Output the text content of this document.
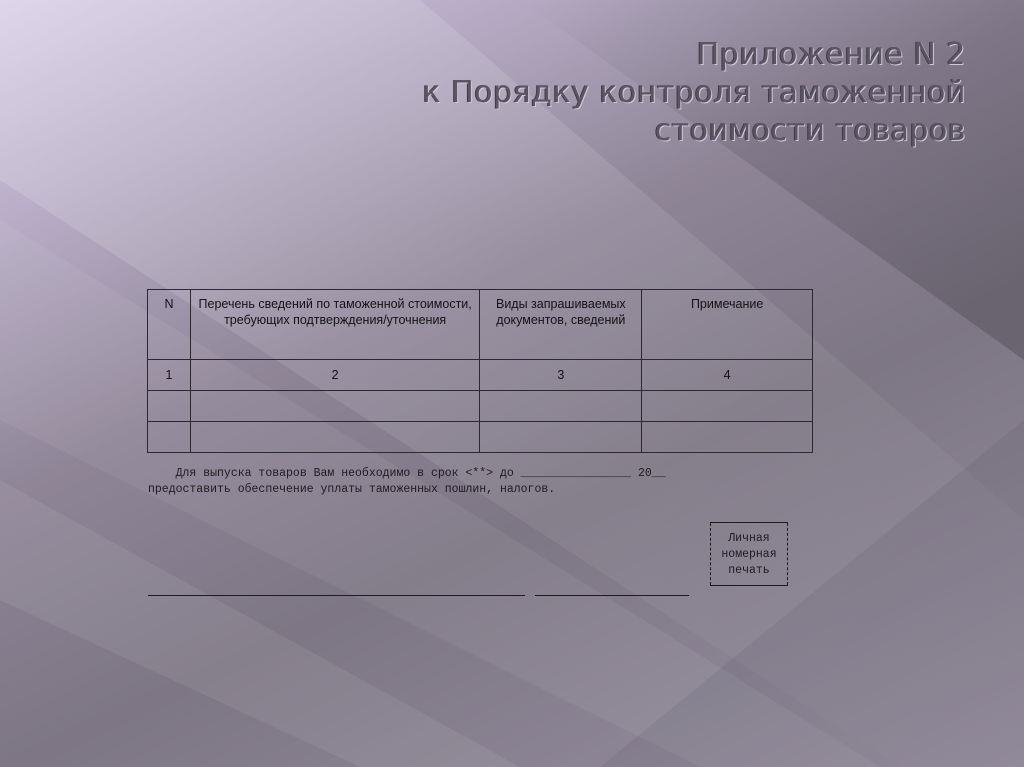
Приложение N 2
к Порядку контроля таможенной
стоимости товаров
N	Перечень сведений по таможенной стоимости, требующих подтверждения/уточнения	Виды запрашиваемых документов, сведений	Примечание
1	2	3	4

Для выпуска товаров Вам необходимо в срок <**> до ________________ 20__
предоставить обеспечение уплаты таможенных пошлин, налогов.
Личная
номерная
печать
